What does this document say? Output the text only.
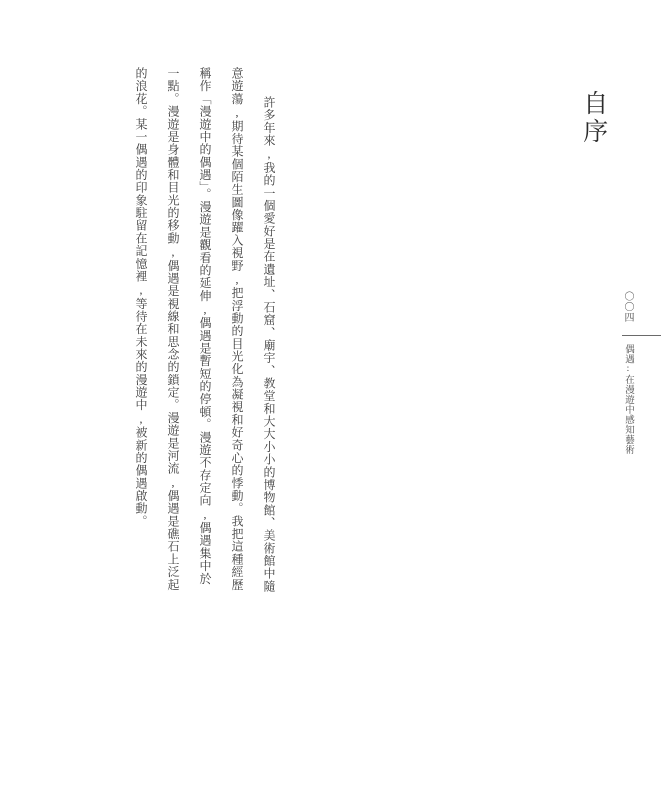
自序
許多年來,我的一個愛好是在遺址、石窟、廟宇、教堂和大大小小的博物館、美術館中隨
意遊蕩,期待某個陌生圖像躍入視野,把浮動的目光化為凝視和好奇心的悸動。我把這種經歷
稱作「漫遊中的偶遇」。漫遊是觀看的延伸,偶遇是暫短的停頓。漫遊不存定向,偶遇集中於
一點。漫遊是身體和目光的移動,偶遇是視線和思念的鎖定。漫遊是河流,偶遇是礁石上泛起
的浪花。某一偶遇的印象駐留在記憶裡,等待在未來的漫遊中,被新的偶遇啟動。	〇〇四
偶遇:在漫遊中感知藝術
